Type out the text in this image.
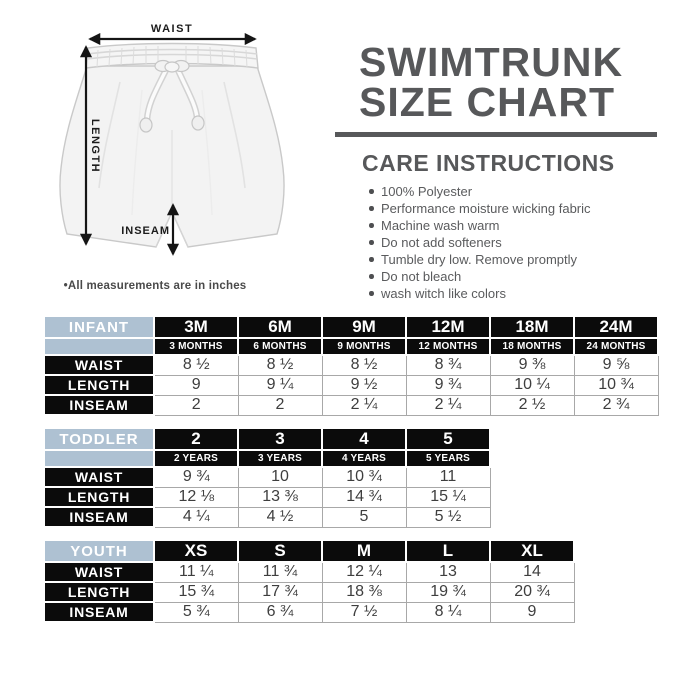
WAIST
LENGTH
INSEAM
•All measurements are in inches
SWIMTRUNK
SIZE CHART
CARE INSTRUCTIONS
100% Polyester
Performance moisture wicking fabric
Machine wash warm
Do not add softeners
Tumble dry low. Remove promptly
Do not bleach
wash witch like colors
INFANT	3M	6M	9M	12M	18M	24M
	3 MONTHS	6 MONTHS	9 MONTHS	12 MONTHS	18 MONTHS	24 MONTHS
WAIST	8 ½	8 ½	8 ½	8 ¾	9 ⅜	9 ⅝
LENGTH	9	9 ¼	9 ½	9 ¾	10 ¼	10 ¾
INSEAM	2	2	2 ¼	2 ¼	2 ½	2 ¾
TODDLER	2	3	4	5
	2 YEARS	3 YEARS	4 YEARS	5 YEARS
WAIST	9 ¾	10	10 ¾	11
LENGTH	12 ⅛	13 ⅜	14 ¾	15 ¼
INSEAM	4 ¼	4 ½	5	5 ½
YOUTH	XS	S	M	L	XL
WAIST	11 ¼	11 ¾	12 ¼	13	14
LENGTH	15 ¾	17 ¾	18 ⅜	19 ¾	20 ¾
INSEAM	5 ¾	6 ¾	7 ½	8 ¼	9
